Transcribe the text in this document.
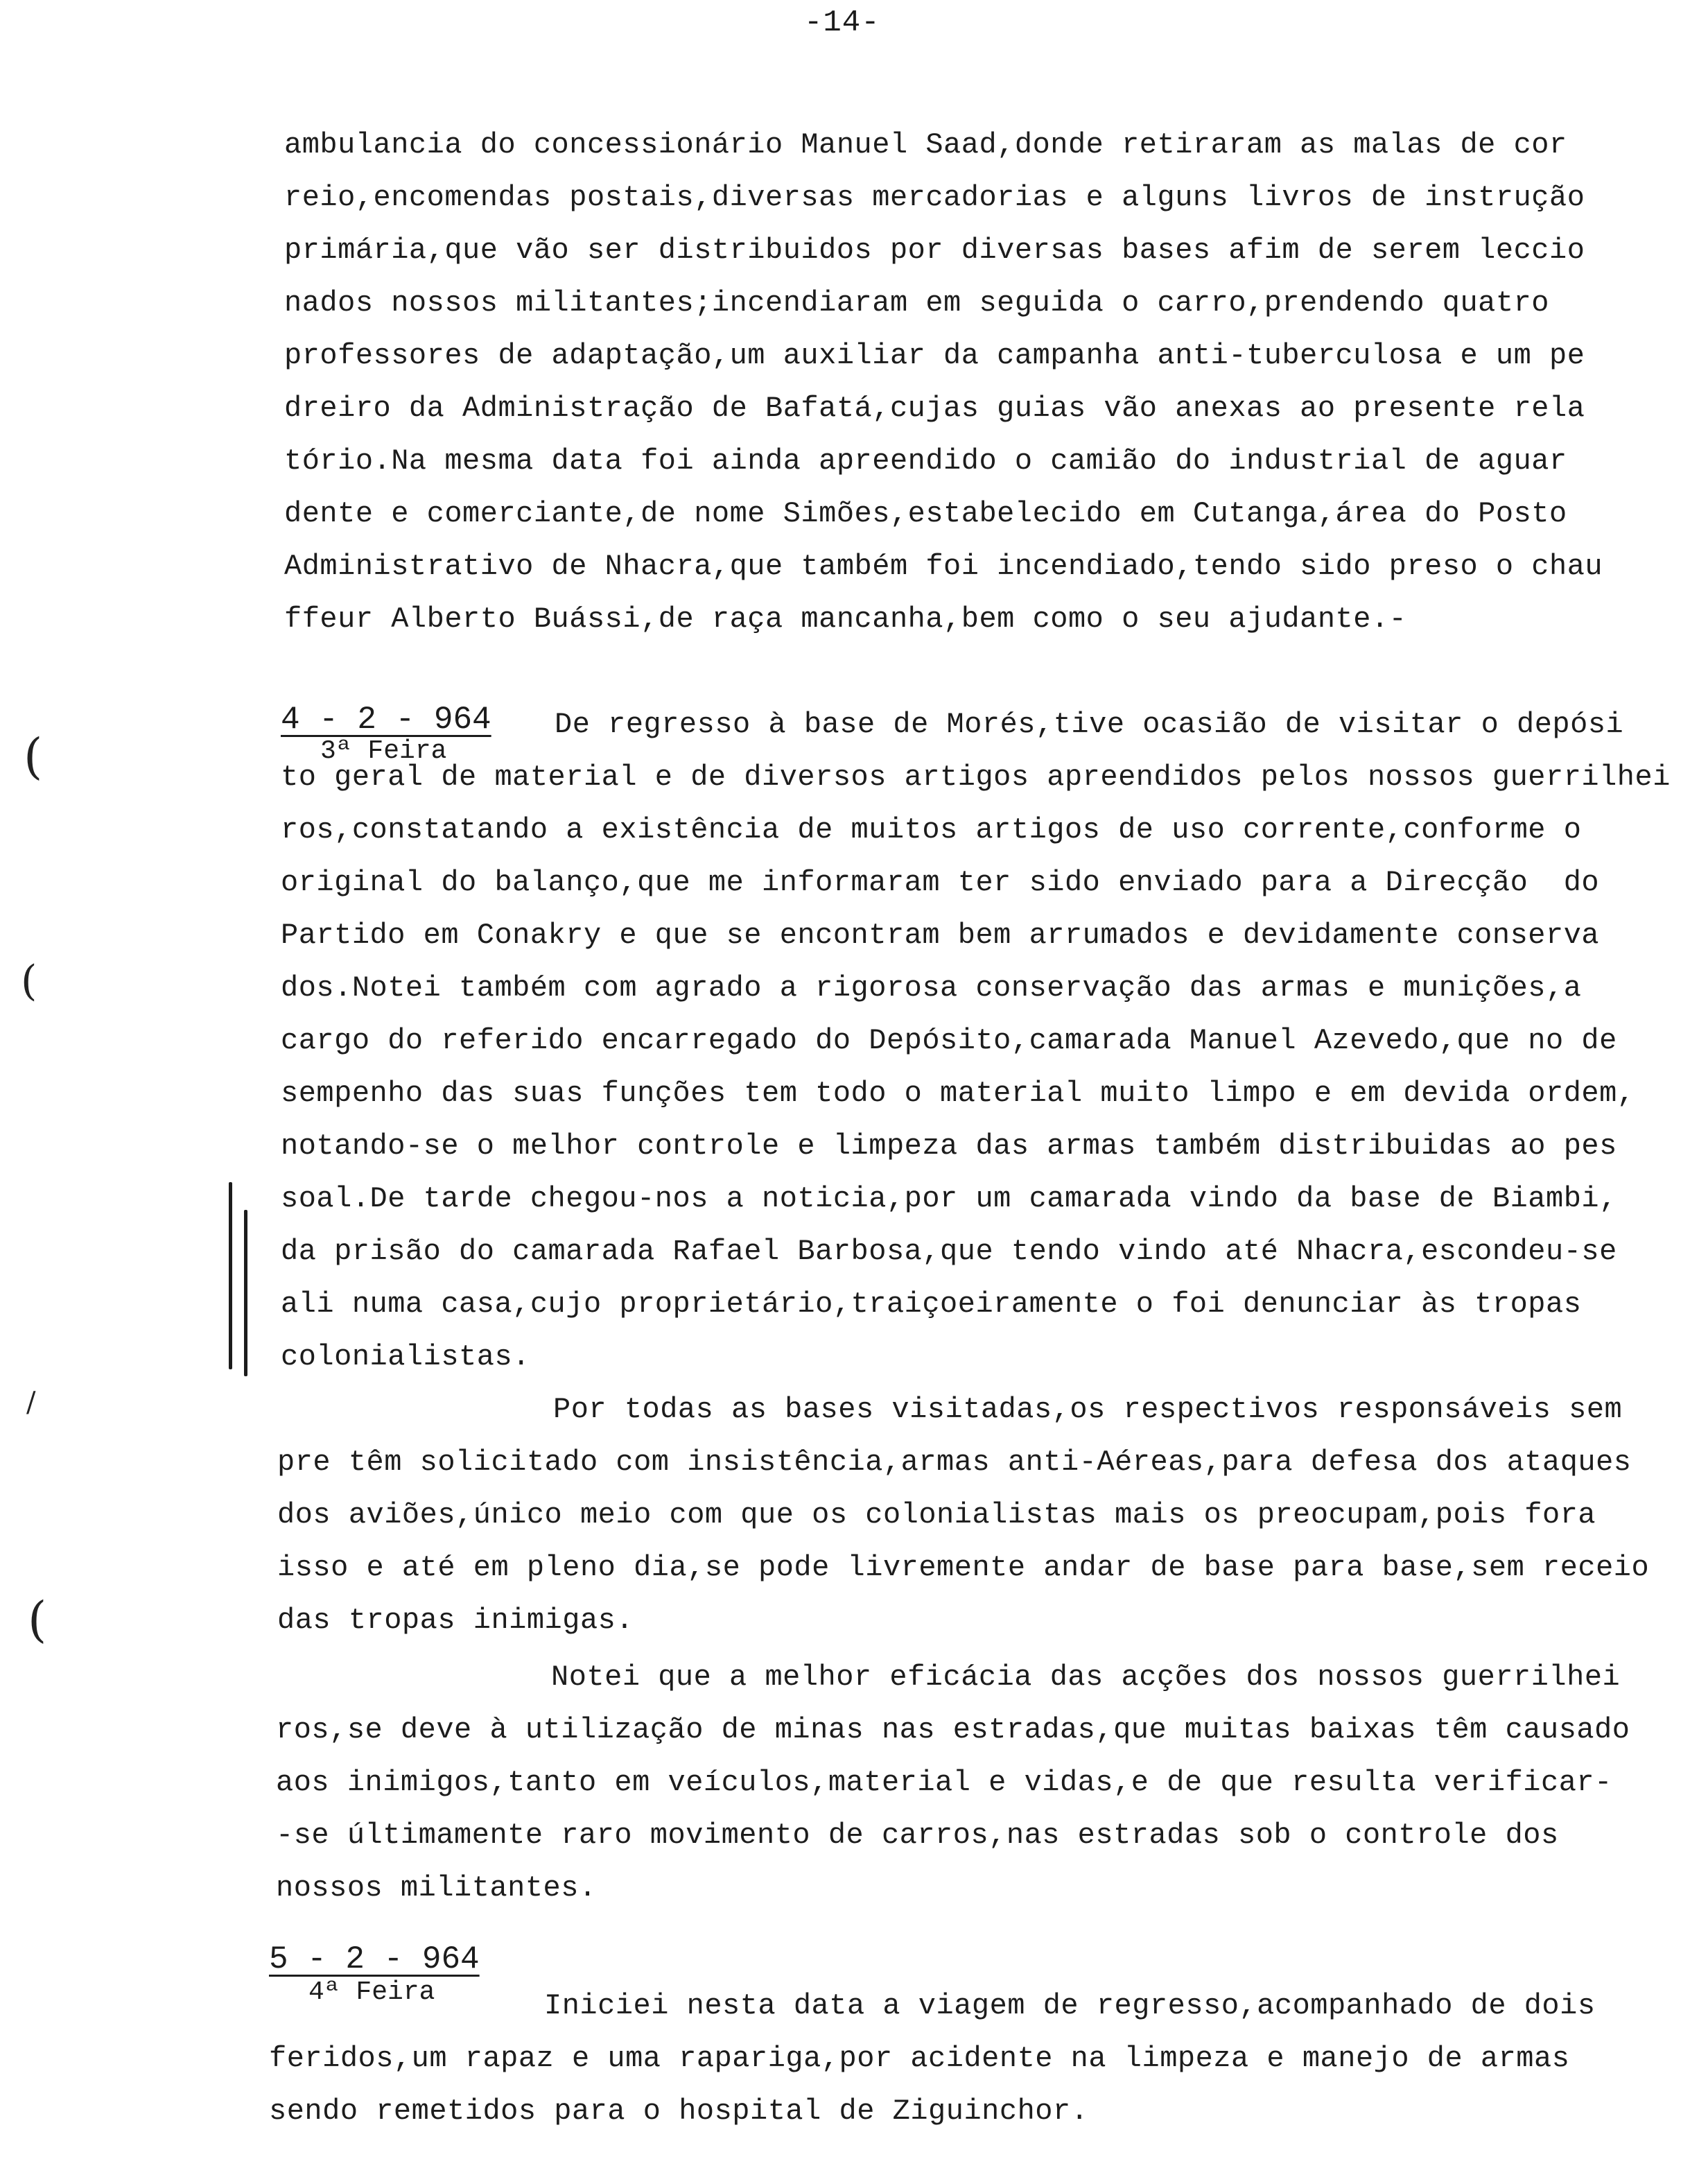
-14-
ambulancia do concessionário Manuel Saad,donde retiraram as malas de cor
reio,encomendas postais,diversas mercadorias e alguns livros de instrução
primária,que vão ser distribuidos por diversas bases afim de serem leccio
nados nossos militantes;incendiaram em seguida o carro,prendendo quatro
professores de adaptação,um auxiliar da campanha anti-tuberculosa e um pe
dreiro da Administração de Bafatá,cujas guias vão anexas ao presente rela
tório.Na mesma data foi ainda apreendido o camião do industrial de aguar
dente e comerciante,de nome Simões,estabelecido em Cutanga,área do Posto
Administrativo de Nhacra,que também foi incendiado,tendo sido preso o chau
ffeur Alberto Buássi,de raça mancanha,bem como o seu ajudante.-
4 - 2 - 964
3ª Feira
De regresso à base de Morés,tive ocasião de visitar o depósi
to geral de material e de diversos artigos apreendidos pelos nossos guerrilhei
ros,constatando a existência de muitos artigos de uso corrente,conforme o
original do balanço,que me informaram ter sido enviado para a Direcção  do
Partido em Conakry e que se encontram bem arrumados e devidamente conserva
dos.Notei também com agrado a rigorosa conservação das armas e munições,a
cargo do referido encarregado do Depósito,camarada Manuel Azevedo,que no de
sempenho das suas funções tem todo o material muito limpo e em devida ordem,
notando-se o melhor controle e limpeza das armas também distribuidas ao pes
soal.De tarde chegou-nos a noticia,por um camarada vindo da base de Biambi,
da prisão do camarada Rafael Barbosa,que tendo vindo até Nhacra,escondeu-se
ali numa casa,cujo proprietário,traiçoeiramente o foi denunciar às tropas
colonialistas.
Por todas as bases visitadas,os respectivos responsáveis sem
pre têm solicitado com insistência,armas anti-Aéreas,para defesa dos ataques
dos aviões,único meio com que os colonialistas mais os preocupam,pois fora
isso e até em pleno dia,se pode livremente andar de base para base,sem receio
das tropas inimigas.
Notei que a melhor eficácia das acções dos nossos guerrilhei
ros,se deve à utilização de minas nas estradas,que muitas baixas têm causado
aos inimigos,tanto em veículos,material e vidas,e de que resulta verificar-
-se últimamente raro movimento de carros,nas estradas sob o controle dos
nossos militantes.
5 - 2 - 964
4ª Feira	Iniciei nesta data a viagem de regresso,acompanhado de dois
feridos,um rapaz e uma rapariga,por acidente na limpeza e manejo de armas
sendo remetidos para o hospital de Ziguinchor.
(
(
/
(
